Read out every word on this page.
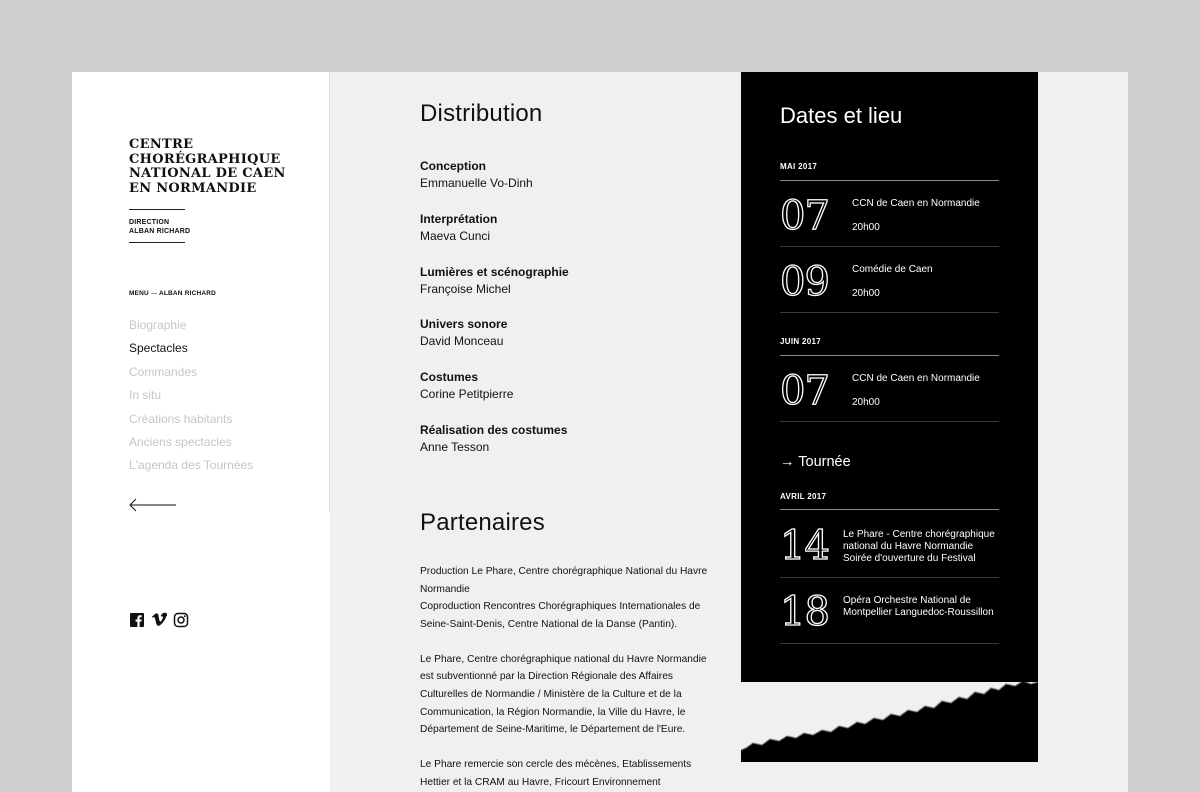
CENTRE
CHORÉGRAPHIQUE
NATIONAL DE CAEN
EN NORMANDIE
DIRECTION
ALBAN RICHARD
MENU ALBAN RICHARD
Biographie
Spectacles
Commandes
In situ
Créations habitants
Anciens spectacles
L'agenda des Tournées
Distribution
Conception
Emmanuelle Vo-Dinh
Interprétation
Maeva Cunci
Lumières et scénographie
Françoise Michel
Univers sonore
David Monceau
Costumes
Corine Petitpierre
Réalisation des costumes
Anne Tesson
Partenaires

Production Le Phare, Centre chorégraphique National du Havre
Normandie
Coproduction Rencontres Chorégraphiques Internationales de
Seine-Saint-Denis, Centre National de la Danse (Pantin).

Le Phare, Centre chorégraphique national du Havre Normandie
est subventionné par la Direction Régionale des Affaires
Culturelles de Normandie / Ministère de la Culture et de la
Communication, la Région Normandie, la Ville du Havre, le
Département de Seine-Maritime, le Département de l'Eure.

Le Phare remercie son cercle des mécènes, Etablissements
Hettier et la CRAM au Havre, Fricourt Environnement

Dates et lieu
MAI 2017
07 CCN de Caen en Normandie
20h00
09 Comédie de Caen
20h00
JUIN 2017
07 CCN de Caen en Normandie
20h00
→ Tournée
AVRIL 2017
14 Le Phare - Centre chorégraphique
national du Havre Normandie
Soirée d'ouverture du Festival
18 Opéra Orchestre National de
Montpellier Languedoc-Roussillon
